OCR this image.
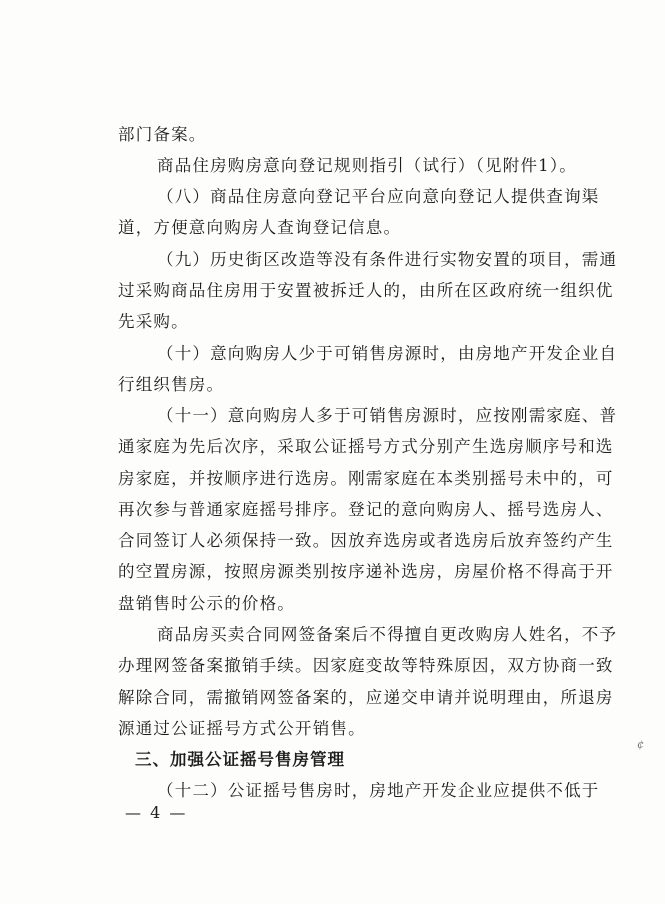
部门备案。
商品住房购房意向登记规则指引（试行）（见附件1）。
（八）商品住房意向登记平台应向意向登记人提供查询渠
道，方便意向购房人查询登记信息。
（九）历史街区改造等没有条件进行实物安置的项目，需通
过采购商品住房用于安置被拆迁人的，由所在区政府统一组织优
先采购。
（十）意向购房人少于可销售房源时，由房地产开发企业自
行组织售房。
（十一）意向购房人多于可销售房源时，应按刚需家庭、普
通家庭为先后次序，采取公证摇号方式分别产生选房顺序号和选
房家庭，并按顺序进行选房。刚需家庭在本类别摇号未中的，可
再次参与普通家庭摇号排序。登记的意向购房人、摇号选房人、
合同签订人必须保持一致。因放弃选房或者选房后放弃签约产生
的空置房源，按照房源类别按序递补选房，房屋价格不得高于开
盘销售时公示的价格。
商品房买卖合同网签备案后不得擅自更改购房人姓名，不予
办理网签备案撤销手续。因家庭变故等特殊原因，双方协商一致
解除合同，需撤销网签备案的，应递交申请并说明理由，所退房
源通过公证摇号方式公开销售。
三、加强公证摇号售房管理
（十二）公证摇号售房时，房地产开发企业应提供不低于
— 4 —
¢
